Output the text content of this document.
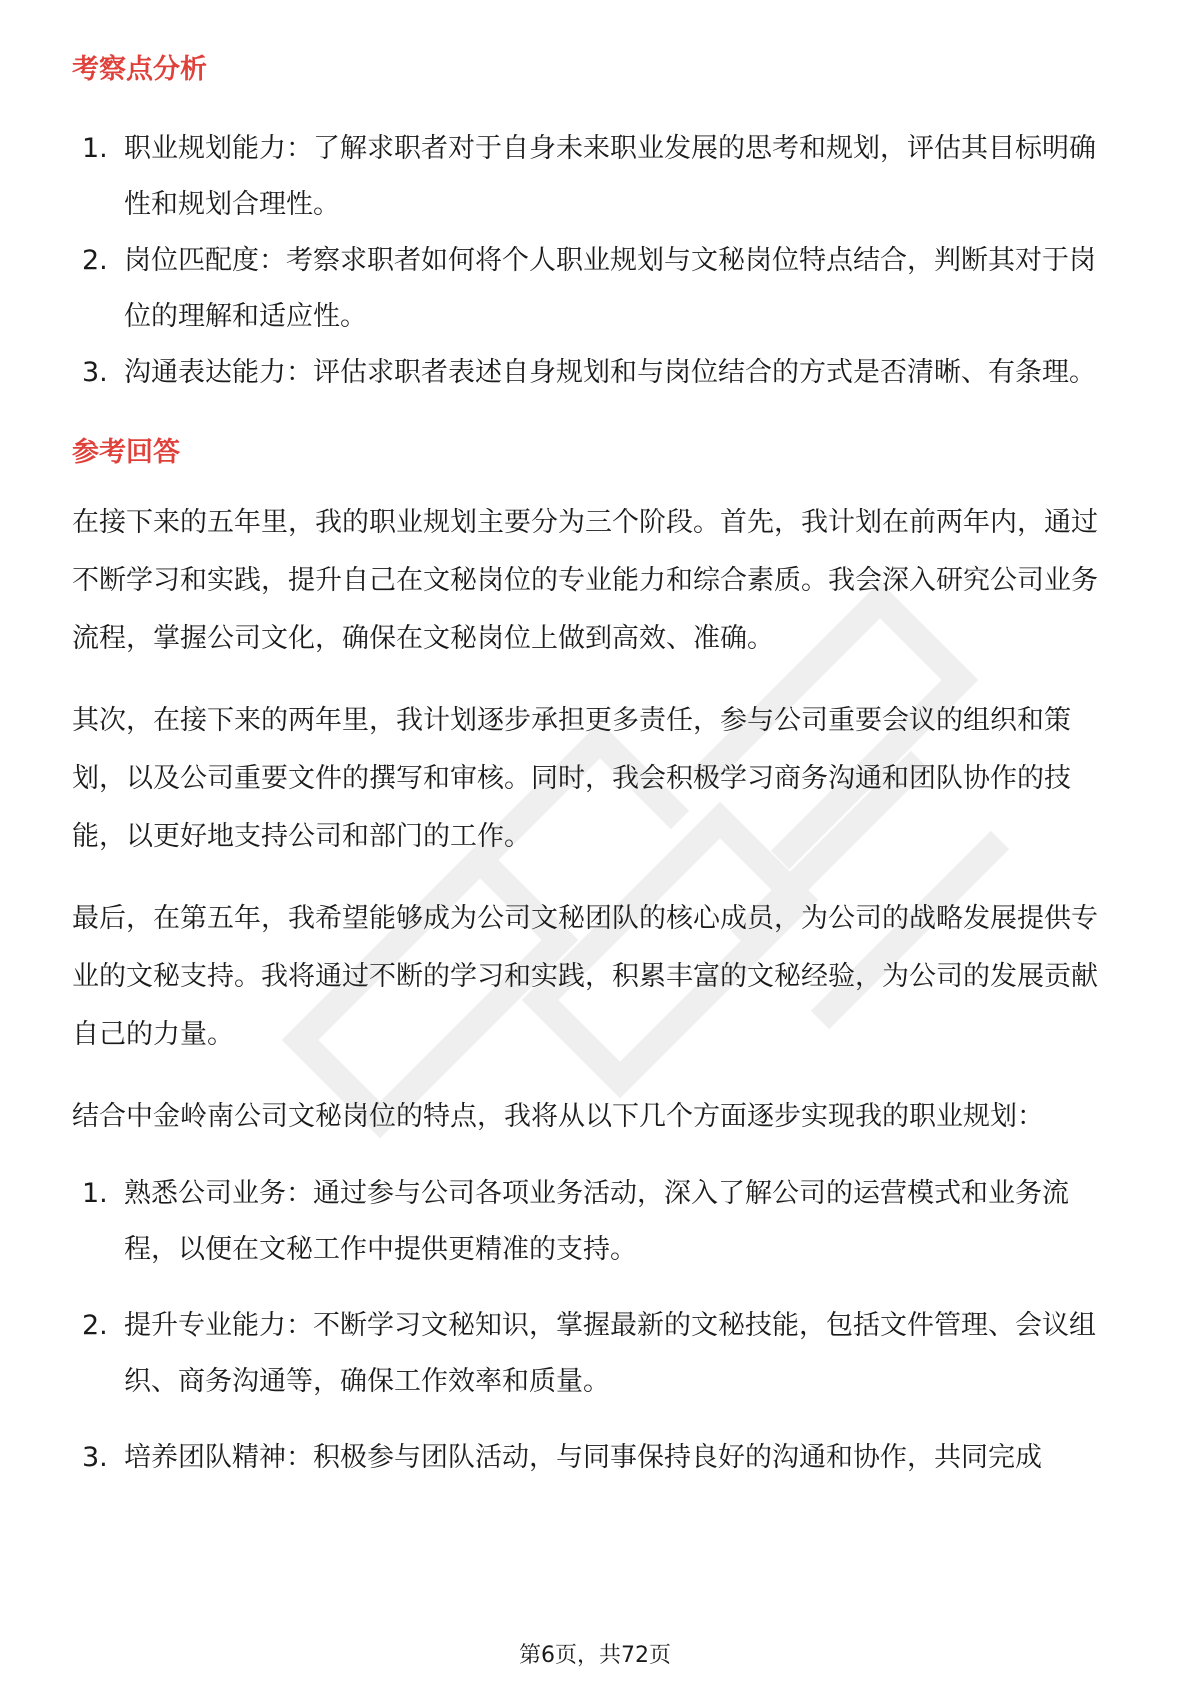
考察点分析
1. 职业规划能力：了解求职者对于自身未来职业发展的思考和规划，评估其目标明确性和规划合理性。
2. 岗位匹配度：考察求职者如何将个人职业规划与文秘岗位特点结合，判断其对于岗位的理解和适应性。
3. 沟通表达能力：评估求职者表述自身规划和与岗位结合的方式是否清晰、有条理。
参考回答

在接下来的五年里，我的职业规划主要分为三个阶段。首先，我计划在前两年内，通过不断学习和实践，提升自己在文秘岗位的专业能力和综合素质。我会深入研究公司业务流程，掌握公司文化，确保在文秘岗位上做到高效、准确。

其次，在接下来的两年里，我计划逐步承担更多责任，参与公司重要会议的组织和策划，以及公司重要文件的撰写和审核。同时，我会积极学习商务沟通和团队协作的技能，以更好地支持公司和部门的工作。

最后，在第五年，我希望能够成为公司文秘团队的核心成员，为公司的战略发展提供专业的文秘支持。我将通过不断的学习和实践，积累丰富的文秘经验，为公司的发展贡献自己的力量。

结合中金岭南公司文秘岗位的特点，我将从以下几个方面逐步实现我的职业规划：

1. 熟悉公司业务：通过参与公司各项业务活动，深入了解公司的运营模式和业务流程，以便在文秘工作中提供更精准的支持。
2. 提升专业能力：不断学习文秘知识，掌握最新的文秘技能，包括文件管理、会议组织、商务沟通等，确保工作效率和质量。
3. 培养团队精神：积极参与团队活动，与同事保持良好的沟通和协作，共同完成
第6页，共72页
